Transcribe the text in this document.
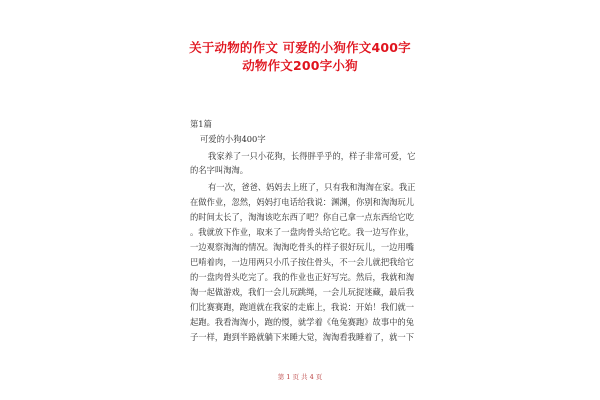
关于动物的作文 可爱的小狗作文400字
动物作文200字小狗
第1篇
可爱的小狗400字
我家养了一只小花狗，长得胖乎乎的，样子非常可爱，它
的名字叫淘淘。
有一次，爸爸、妈妈去上班了，只有我和淘淘在家。我正
在做作业，忽然，妈妈打电话给我说：渊渊，你别和淘淘玩儿
的时间太长了，淘淘该吃东西了吧？你自己拿一点东西给它吃
。我就放下作业，取来了一盘肉骨头给它吃。我一边写作业，
一边观察淘淘的情况。淘淘吃骨头的样子很好玩儿，一边用嘴
巴啃着肉，一边用两只小爪子按住骨头，不一会儿就把我给它
的一盘肉骨头吃完了。我的作业也正好写完。然后，我就和淘
淘一起做游戏，我们一会儿玩跳绳，一会儿玩捉迷藏，最后我
们比赛赛跑，跑道就在我家的走廊上，我说：开始！我们就一
起跑。我看淘淘小，跑的慢，就学着《龟兔赛跑》故事中的兔
子一样，跑到半路就躺下来睡大觉，淘淘看我睡着了，就一下
第 1 页 共 4 页
